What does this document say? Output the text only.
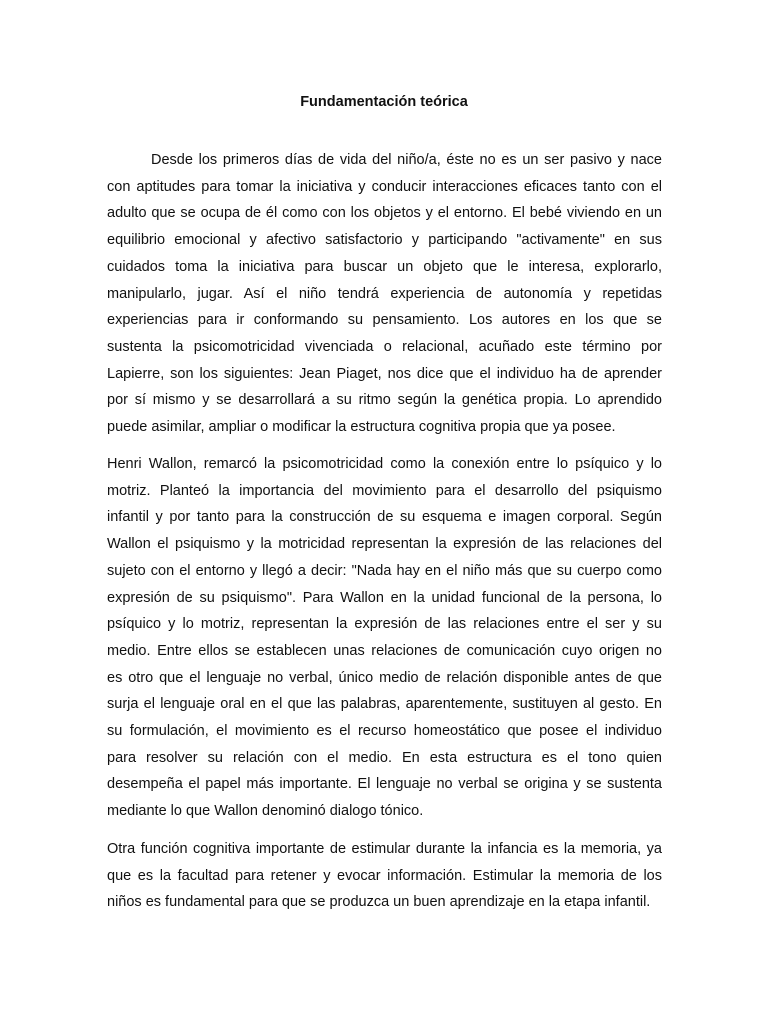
Fundamentación teórica
Desde los primeros días de vida del niño/a, éste no es un ser pasivo y nace
con aptitudes para tomar la iniciativa y conducir interacciones eficaces tanto con el
adulto que se ocupa de él como con los objetos y el entorno. El bebé viviendo en un
equilibrio emocional y afectivo satisfactorio y participando "activamente" en sus
cuidados toma la iniciativa para buscar un objeto que le interesa, explorarlo,
manipularlo, jugar. Así el niño tendrá experiencia de autonomía y repetidas
experiencias para ir conformando su pensamiento. Los autores en los que se
sustenta la psicomotricidad vivenciada o relacional, acuñado este término por
Lapierre, son los siguientes: Jean Piaget, nos dice que el individuo ha de aprender
por sí mismo y se desarrollará a su ritmo según la genética propia. Lo aprendido
puede asimilar, ampliar o modificar la estructura cognitiva propia que ya posee.
Henri Wallon, remarcó la psicomotricidad como la conexión entre lo psíquico y lo
motriz. Planteó la importancia del movimiento para el desarrollo del psiquismo
infantil y por tanto para la construcción de su esquema e imagen corporal. Según
Wallon el psiquismo y la motricidad representan la expresión de las relaciones del
sujeto con el entorno y llegó a decir: "Nada hay en el niño más que su cuerpo como
expresión de su psiquismo". Para Wallon en la unidad funcional de la persona, lo
psíquico y lo motriz, representan la expresión de las relaciones entre el ser y su
medio. Entre ellos se establecen unas relaciones de comunicación cuyo origen no
es otro que el lenguaje no verbal, único medio de relación disponible antes de que
surja el lenguaje oral en el que las palabras, aparentemente, sustituyen al gesto. En
su formulación, el movimiento es el recurso homeostático que posee el individuo
para resolver su relación con el medio. En esta estructura es el tono quien
desempeña el papel más importante. El lenguaje no verbal se origina y se sustenta
mediante lo que Wallon denominó dialogo tónico.
Otra función cognitiva importante de estimular durante la infancia es la memoria, ya
que es la facultad para retener y evocar información. Estimular la memoria de los
niños es fundamental para que se produzca un buen aprendizaje en la etapa infantil.
